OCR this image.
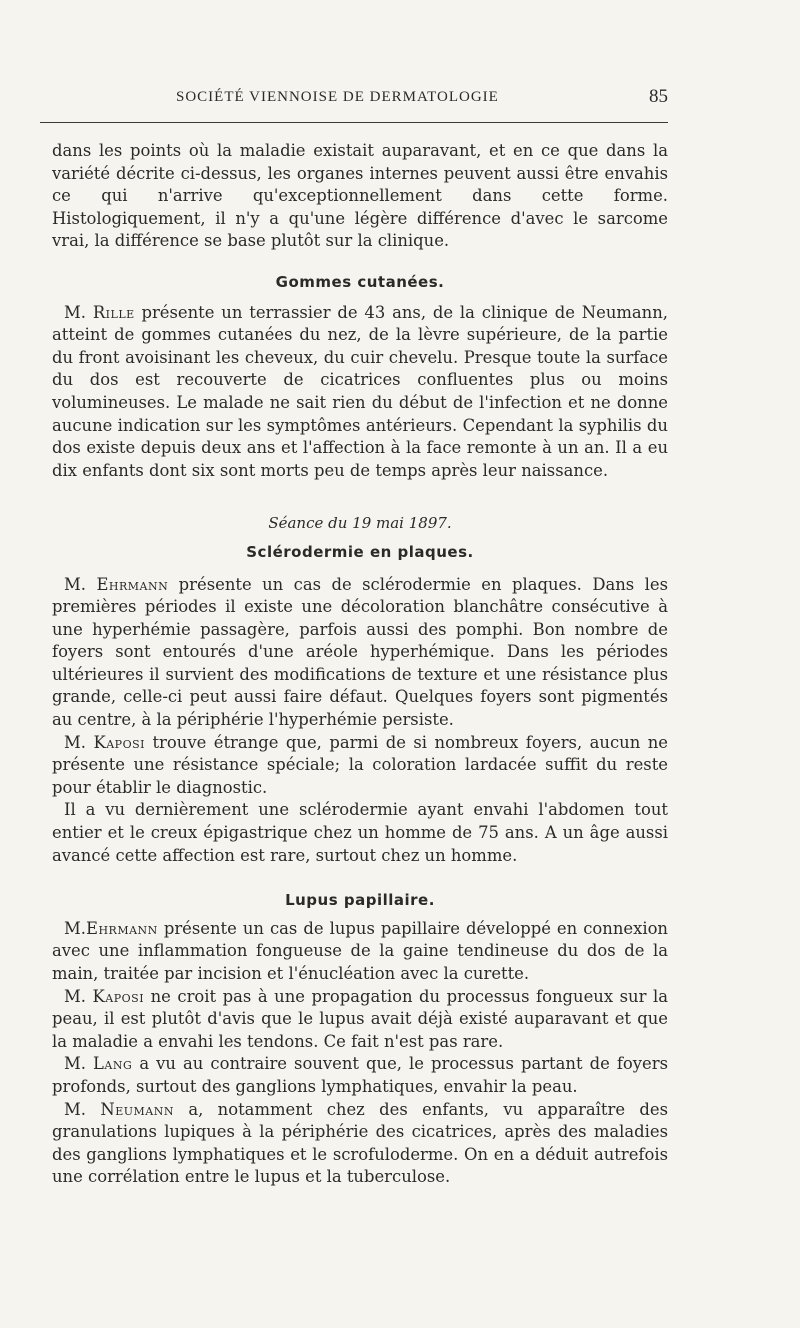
SOCIÉTÉ VIENNOISE DE DERMATOLOGIE	85

dans les points où la maladie existait auparavant, et en ce que dans la variété décrite ci-dessus, les organes internes peuvent aussi être envahis ce qui n'arrive qu'exceptionnellement dans cette forme. Histologiquement, il n'y a qu'une légère différence d'avec le sarcome vrai, la différence se base plutôt sur la clinique.

Gommes cutanées.

M. Rille présente un terrassier de 43 ans, de la clinique de Neumann, atteint de gommes cutanées du nez, de la lèvre supérieure, de la partie du front avoisinant les cheveux, du cuir chevelu. Presque toute la surface du dos est recouverte de cicatrices confluentes plus ou moins volumineuses. Le malade ne sait rien du début de l'infection et ne donne aucune indication sur les symptômes antérieurs. Cependant la syphilis du dos existe depuis deux ans et l'affection à la face remonte à un an. Il a eu dix enfants dont six sont morts peu de temps après leur naissance.

Séance du 19 mai 1897.
Sclérodermie en plaques.

M. Ehrmann présente un cas de sclérodermie en plaques. Dans les premières périodes il existe une décoloration blanchâtre consécutive à une hyperhémie passagère, parfois aussi des pomphi. Bon nombre de foyers sont entourés d'une aréole hyperhémique. Dans les périodes ultérieures il survient des modifications de texture et une résistance plus grande, celle-ci peut aussi faire défaut. Quelques foyers sont pigmentés au centre, à la périphérie l'hyperhémie persiste.

M. Kaposi trouve étrange que, parmi de si nombreux foyers, aucun ne présente une résistance spéciale; la coloration lardacée suffit du reste pour établir le diagnostic.

Il a vu dernièrement une sclérodermie ayant envahi l'abdomen tout entier et le creux épigastrique chez un homme de 75 ans. A un âge aussi avancé cette affection est rare, surtout chez un homme.

Lupus papillaire.

M.Ehrmann présente un cas de lupus papillaire développé en connexion avec une inflammation fongueuse de la gaine tendineuse du dos de la main, traitée par incision et l'énucléation avec la curette.

M. Kaposi ne croit pas à une propagation du processus fongueux sur la peau, il est plutôt d'avis que le lupus avait déjà existé auparavant et que la maladie a envahi les tendons. Ce fait n'est pas rare.

M. Lang a vu au contraire souvent que, le processus partant de foyers profonds, surtout des ganglions lymphatiques, envahir la peau.

M. Neumann a, notamment chez des enfants, vu apparaître des granulations lupiques à la périphérie des cicatrices, après des maladies des ganglions lymphatiques et le scrofuloderme. On en a déduit autrefois une corrélation entre le lupus et la tuberculose.
